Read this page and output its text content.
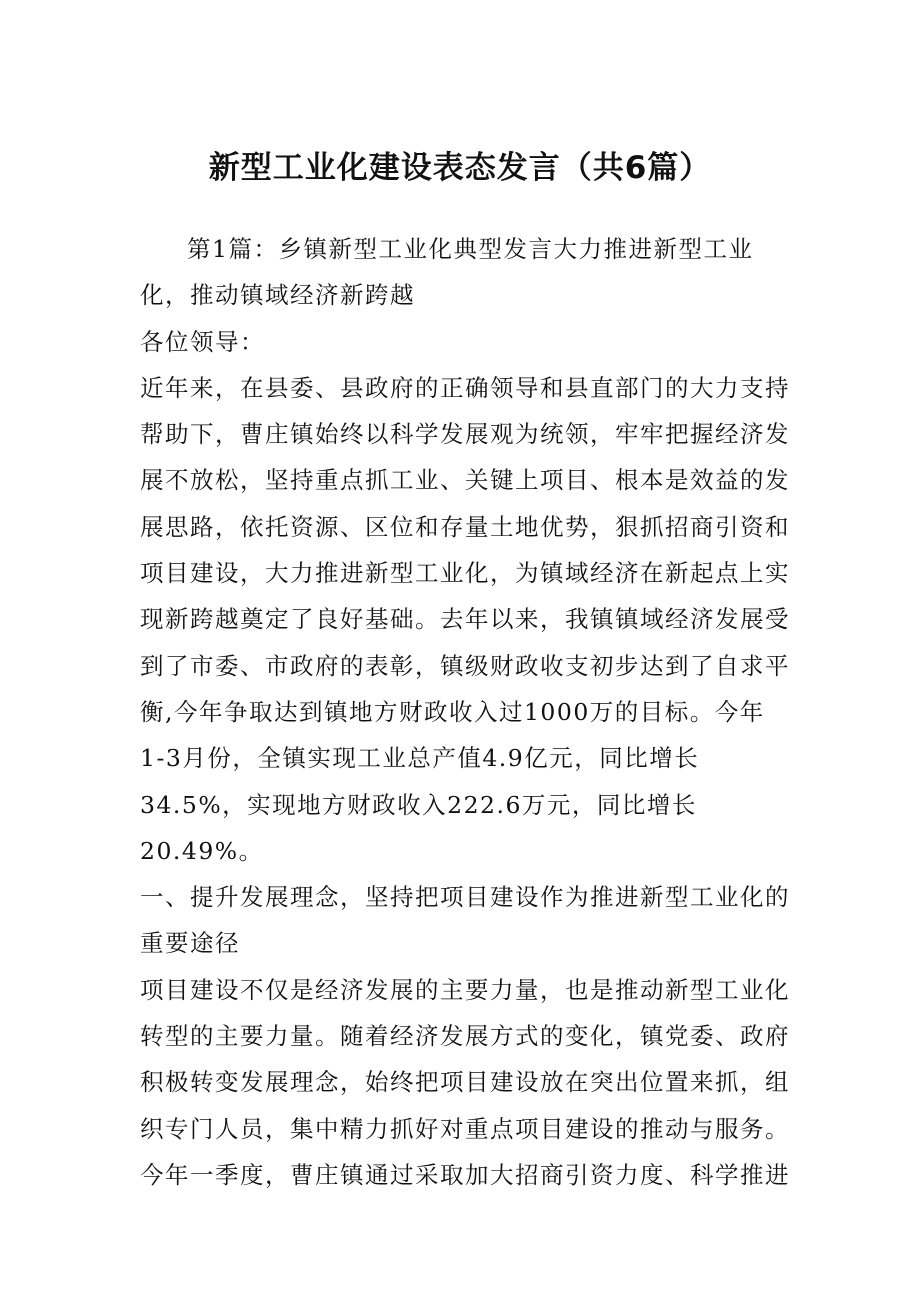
新型工业化建设表态发言（共6篇）

第1篇：乡镇新型工业化典型发言大力推进新型工业化，推动镇域经济新跨越

各位领导：

近年来，在县委、县政府的正确领导和县直部门的大力支持帮助下，曹庄镇始终以科学发展观为统领，牢牢把握经济发展不放松，坚持重点抓工业、关键上项目、根本是效益的发展思路，依托资源、区位和存量土地优势，狠抓招商引资和项目建设，大力推进新型工业化，为镇域经济在新起点上实现新跨越奠定了良好基础。去年以来，我镇镇域经济发展受到了市委、市政府的表彰，镇级财政收支初步达到了自求平衡,今年争取达到镇地方财政收入过1000万的目标。今年1-3月份，全镇实现工业总产值4.9亿元，同比增长34.5%，实现地方财政收入222.6万元，同比增长20.49%。

一、提升发展理念，坚持把项目建设作为推进新型工业化的重要途径

项目建设不仅是经济发展的主要力量，也是推动新型工业化转型的主要力量。随着经济发展方式的变化，镇党委、政府积极转变发展理念，始终把项目建设放在突出位置来抓，组织专门人员，集中精力抓好对重点项目建设的推动与服务。今年一季度，曹庄镇通过采取加大招商引资力度、科学推进
